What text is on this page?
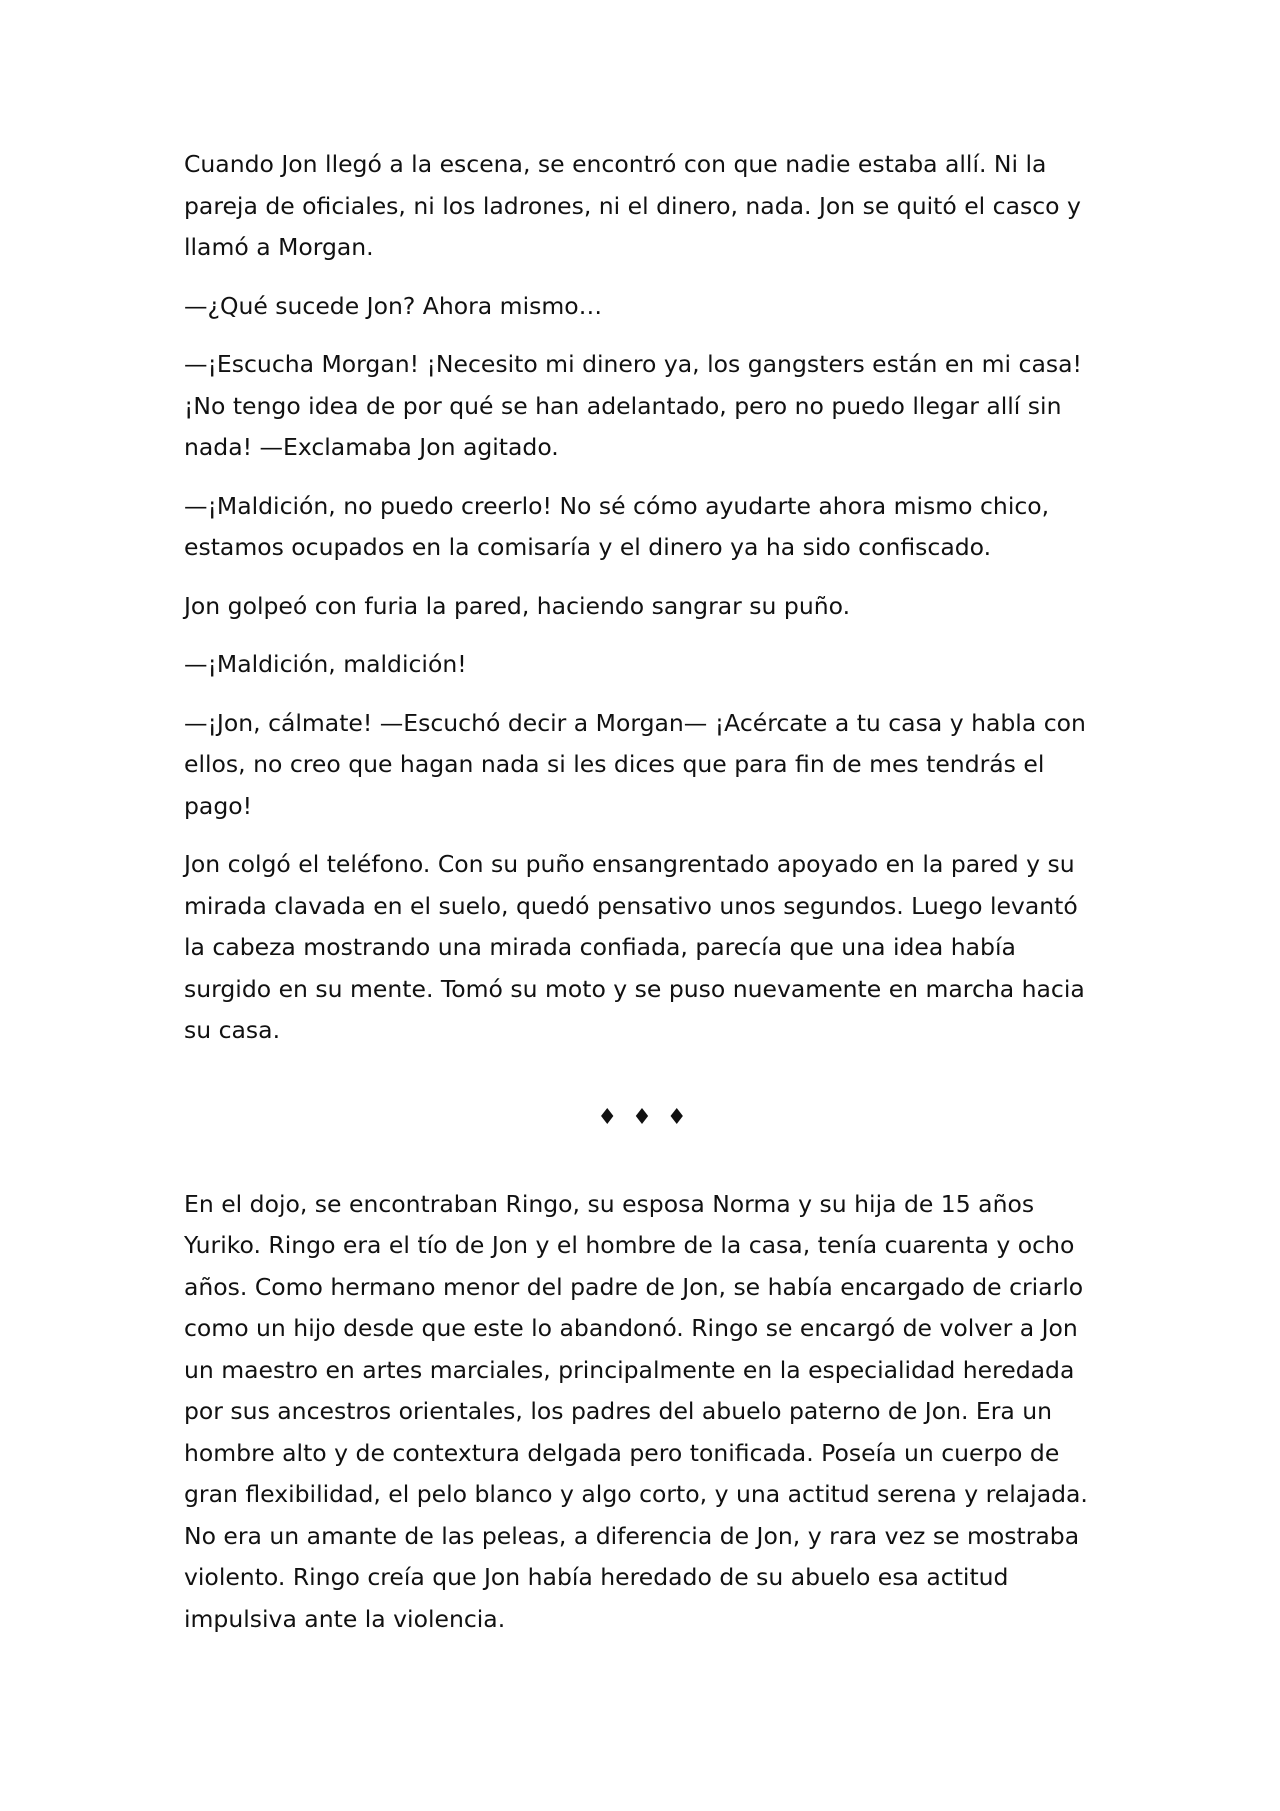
Cuando Jon llegó a la escena, se encontró con que nadie estaba allí. Ni la pareja de oficiales, ni los ladrones, ni el dinero, nada. Jon se quitó el casco y llamó a Morgan.

—¿Qué sucede Jon? Ahora mismo…

—¡Escucha Morgan! ¡Necesito mi dinero ya, los gangsters están en mi casa! ¡No tengo idea de por qué se han adelantado, pero no puedo llegar allí sin nada! —Exclamaba Jon agitado.

—¡Maldición, no puedo creerlo! No sé cómo ayudarte ahora mismo chico, estamos ocupados en la comisaría y el dinero ya ha sido confiscado.

Jon golpeó con furia la pared, haciendo sangrar su puño.

—¡Maldición, maldición!

—¡Jon, cálmate! —Escuchó decir a Morgan— ¡Acércate a tu casa y habla con ellos, no creo que hagan nada si les dices que para fin de mes tendrás el pago!

Jon colgó el teléfono. Con su puño ensangrentado apoyado en la pared y su mirada clavada en el suelo, quedó pensativo unos segundos. Luego levantó la cabeza mostrando una mirada confiada, parecía que una idea había surgido en su mente. Tomó su moto y se puso nuevamente en marcha hacia su casa.

♦ ♦ ♦

En el dojo, se encontraban Ringo, su esposa Norma y su hija de 15 años Yuriko. Ringo era el tío de Jon y el hombre de la casa, tenía cuarenta y ocho años. Como hermano menor del padre de Jon, se había encargado de criarlo como un hijo desde que este lo abandonó. Ringo se encargó de volver a Jon un maestro en artes marciales, principalmente en la especialidad heredada por sus ancestros orientales, los padres del abuelo paterno de Jon. Era un hombre alto y de contextura delgada pero tonificada. Poseía un cuerpo de gran flexibilidad, el pelo blanco y algo corto, y una actitud serena y relajada. No era un amante de las peleas, a diferencia de Jon, y rara vez se mostraba violento. Ringo creía que Jon había heredado de su abuelo esa actitud impulsiva ante la violencia.
